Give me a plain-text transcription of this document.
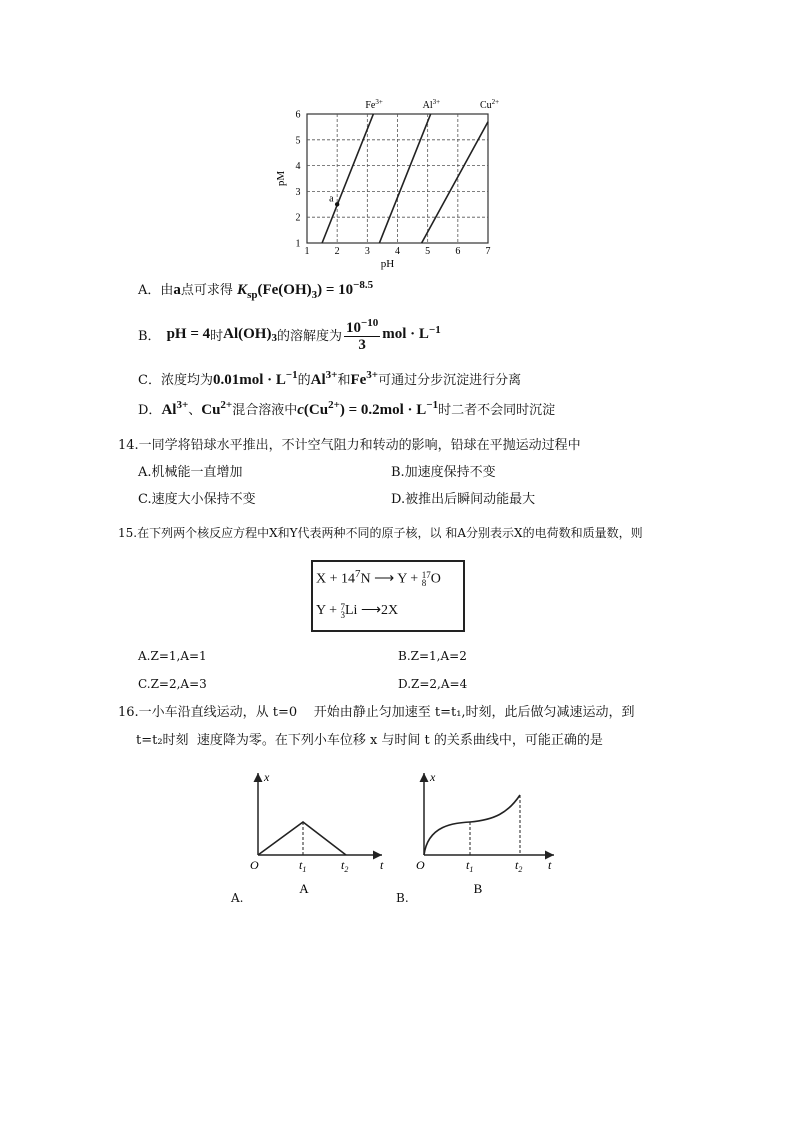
$Fe^{3+}$	$Al^{3+}$	$Cu^{2+}$
a
1	2	3	4	5	6	7
1
2
3
4
5
6
pH
pM
A．由a点可求得 $K_{sp}(Fe(OH)_3) = 10^{-8.5}$
B． pH = 4 时 Al(OH) $_3$ 的溶解度为 $\frac{10^{-10}}{3}$ mol · L $^{-1}$
C．浓度均为$0.01mol \cdot L^{-1}$的$Al^{3+}$和$Fe^{3+}$可通过分步沉淀进行分离
D．$Al^{3+}$、$Cu^{2+}$混合溶液中$c(Cu^{2+}) = 0.2mol \cdot L^{-1}$时二者不会同时沉淀
14.一同学将铅球水平推出，不计空气阻力和转动的影响，铅球在平抛运动过程中
A.机械能一直增加	B.加速度保持不变
C.速度大小保持不变	D.被推出后瞬间动能最大
15.在下列两个核反应方程中X和Y代表两种不同的原子核，以 和A分别表示X的电荷数和质量数，则
$X + 14^7N$ ⟶ Y + 17
8 O
Y + 7
3 Li ⟶2X
A.Z=1,A=1	B.Z=1,A=2
C.Z=2,A=3	D.Z=2,A=4
16.一小车沿直线运动，从 t=0    开始由静止匀加速至 t=t₁,时刻，此后做匀减速运动，到
t=t₂时刻  速度降为零。在下列小车位移 x 与时间 t 的关系曲线中，可能正确的是
x
O	t
$t_1$	$t_2$
A
A.
x
O	t
$t_1$	$t_2$
B
B.
